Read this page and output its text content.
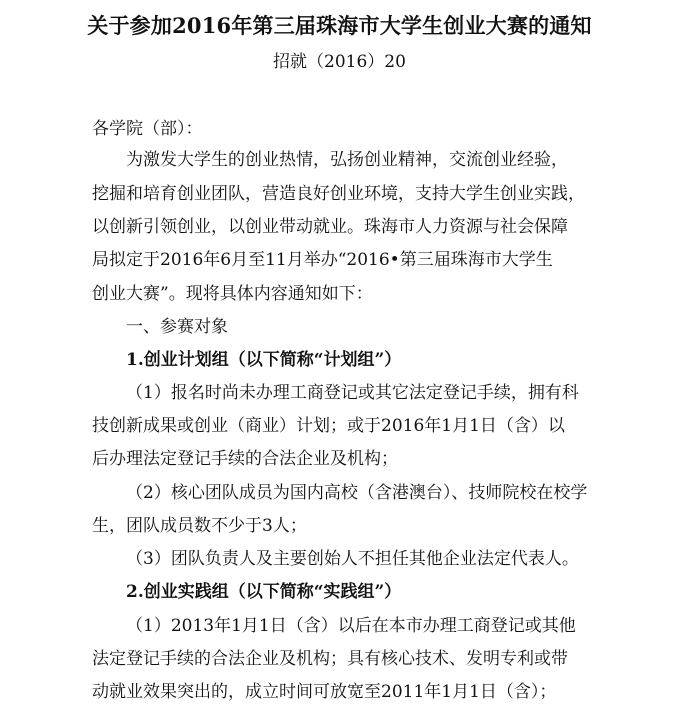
关于参加2016年第三届珠海市大学生创业大赛的通知
招就（2016）20
各学院（部）：
为激发大学生的创业热情，弘扬创业精神，交流创业经验，
挖掘和培育创业团队，营造良好创业环境，支持大学生创业实践，
以创新引领创业，以创业带动就业。珠海市人力资源与社会保障
局拟定于2016年6月至11月举办“2016•第三届珠海市大学生
创业大赛”。现将具体内容通知如下：
一、参赛对象
1.创业计划组（以下简称“计划组”）
（1）报名时尚未办理工商登记或其它法定登记手续，拥有科
技创新成果或创业（商业）计划；或于2016年1月1日（含）以
后办理法定登记手续的合法企业及机构；
（2）核心团队成员为国内高校（含港澳台）、技师院校在校学
生，团队成员数不少于3人；
（3）团队负责人及主要创始人不担任其他企业法定代表人。
2.创业实践组（以下简称“实践组”）
（1）2013年1月1日（含）以后在本市办理工商登记或其他
法定登记手续的合法企业及机构；具有核心技术、发明专利或带
动就业效果突出的，成立时间可放宽至2011年1月1日（含）；
